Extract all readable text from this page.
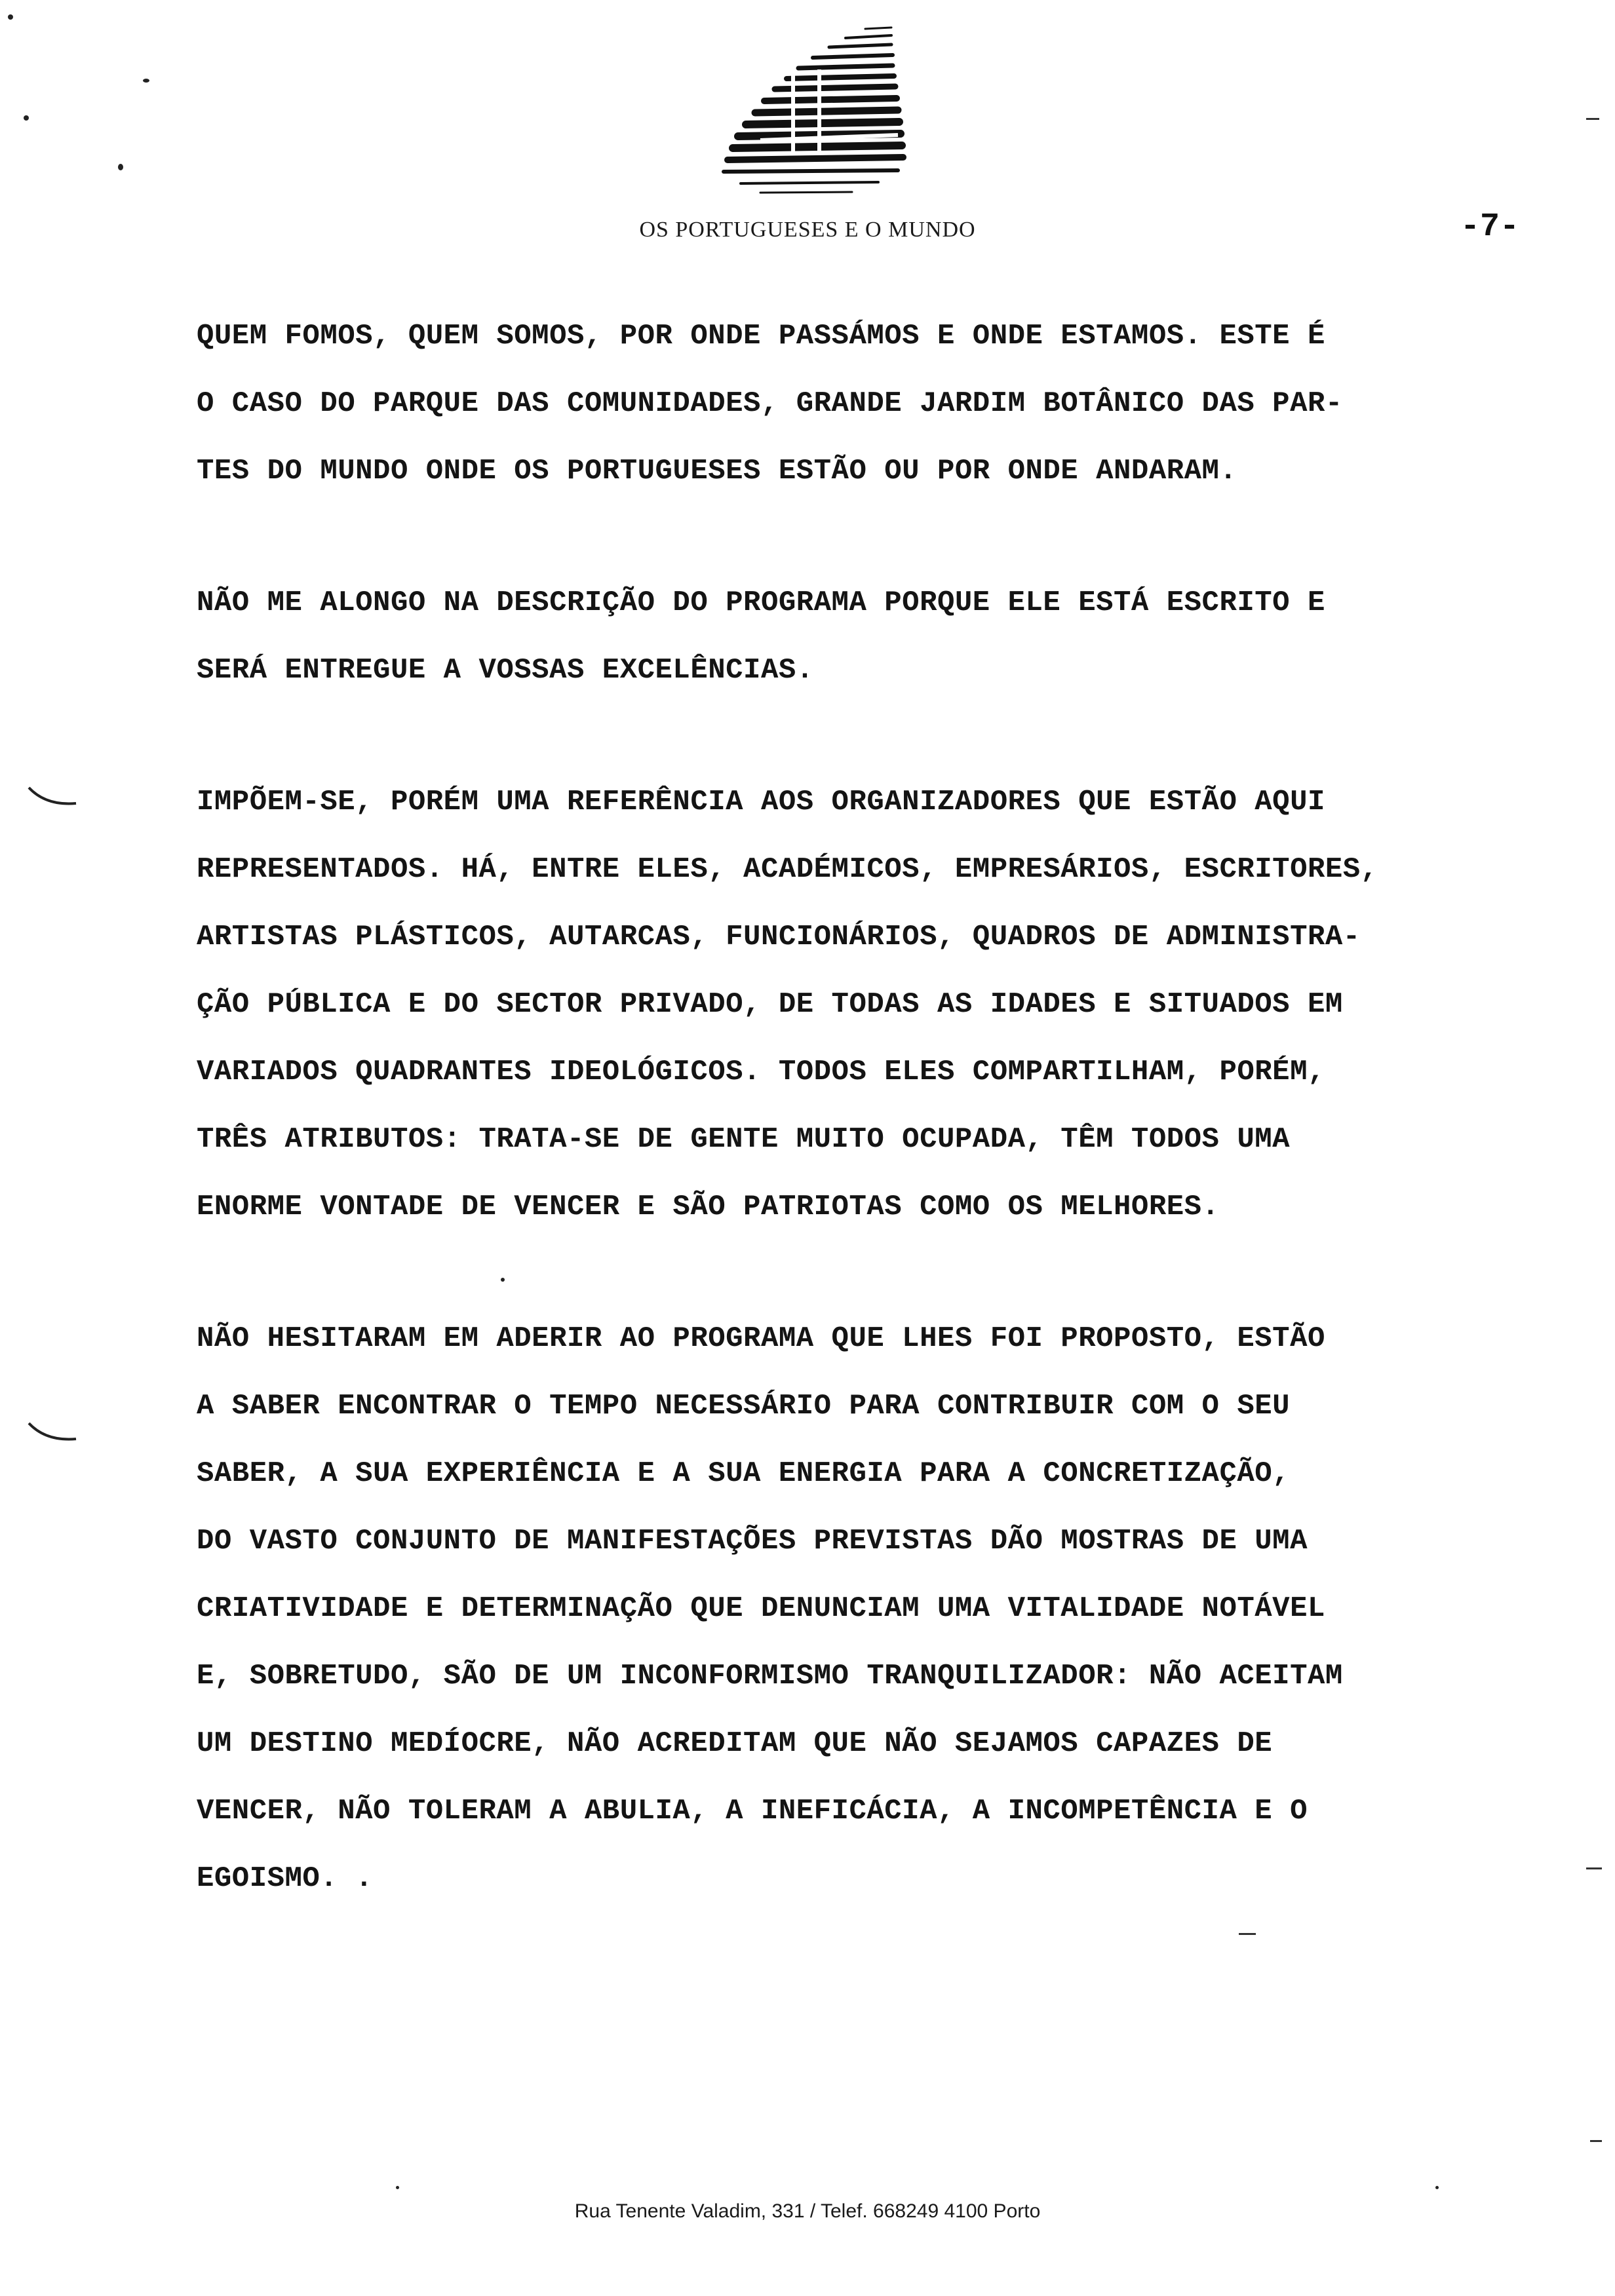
OS PORTUGUESES E O MUNDO	-7-
QUEM FOMOS, QUEM SOMOS, POR ONDE PASSÁMOS E ONDE ESTAMOS. ESTE É
O CASO DO PARQUE DAS COMUNIDADES, GRANDE JARDIM BOTÂNICO DAS PAR-
TES DO MUNDO ONDE OS PORTUGUESES ESTÃO OU POR ONDE ANDARAM.
NÃO ME ALONGO NA DESCRIÇÃO DO PROGRAMA PORQUE ELE ESTÁ ESCRITO E
SERÁ ENTREGUE A VOSSAS EXCELÊNCIAS.
IMPÕEM-SE, PORÉM UMA REFERÊNCIA AOS ORGANIZADORES QUE ESTÃO AQUI
REPRESENTADOS. HÁ, ENTRE ELES, ACADÉMICOS, EMPRESÁRIOS, ESCRITORES,
ARTISTAS PLÁSTICOS, AUTARCAS, FUNCIONÁRIOS, QUADROS DE ADMINISTRA-
ÇÃO PÚBLICA E DO SECTOR PRIVADO, DE TODAS AS IDADES E SITUADOS EM
VARIADOS QUADRANTES IDEOLÓGICOS. TODOS ELES COMPARTILHAM, PORÉM,
TRÊS ATRIBUTOS: TRATA-SE DE GENTE MUITO OCUPADA, TÊM TODOS UMA
ENORME VONTADE DE VENCER E SÃO PATRIOTAS COMO OS MELHORES.
NÃO HESITARAM EM ADERIR AO PROGRAMA QUE LHES FOI PROPOSTO, ESTÃO
A SABER ENCONTRAR O TEMPO NECESSÁRIO PARA CONTRIBUIR COM O SEU
SABER, A SUA EXPERIÊNCIA E A SUA ENERGIA PARA A CONCRETIZAÇÃO,
DO VASTO CONJUNTO DE MANIFESTAÇÕES PREVISTAS DÃO MOSTRAS DE UMA
CRIATIVIDADE E DETERMINAÇÃO QUE DENUNCIAM UMA VITALIDADE NOTÁVEL
E, SOBRETUDO, SÃO DE UM INCONFORMISMO TRANQUILIZADOR: NÃO ACEITAM
UM DESTINO MEDÍOCRE, NÃO ACREDITAM QUE NÃO SEJAMOS CAPAZES DE
VENCER, NÃO TOLERAM A ABULIA, A INEFICÁCIA, A INCOMPETÊNCIA E O
EGOISMO. .
Rua Tenente Valadim, 331 / Telef. 668249 4100 Porto
